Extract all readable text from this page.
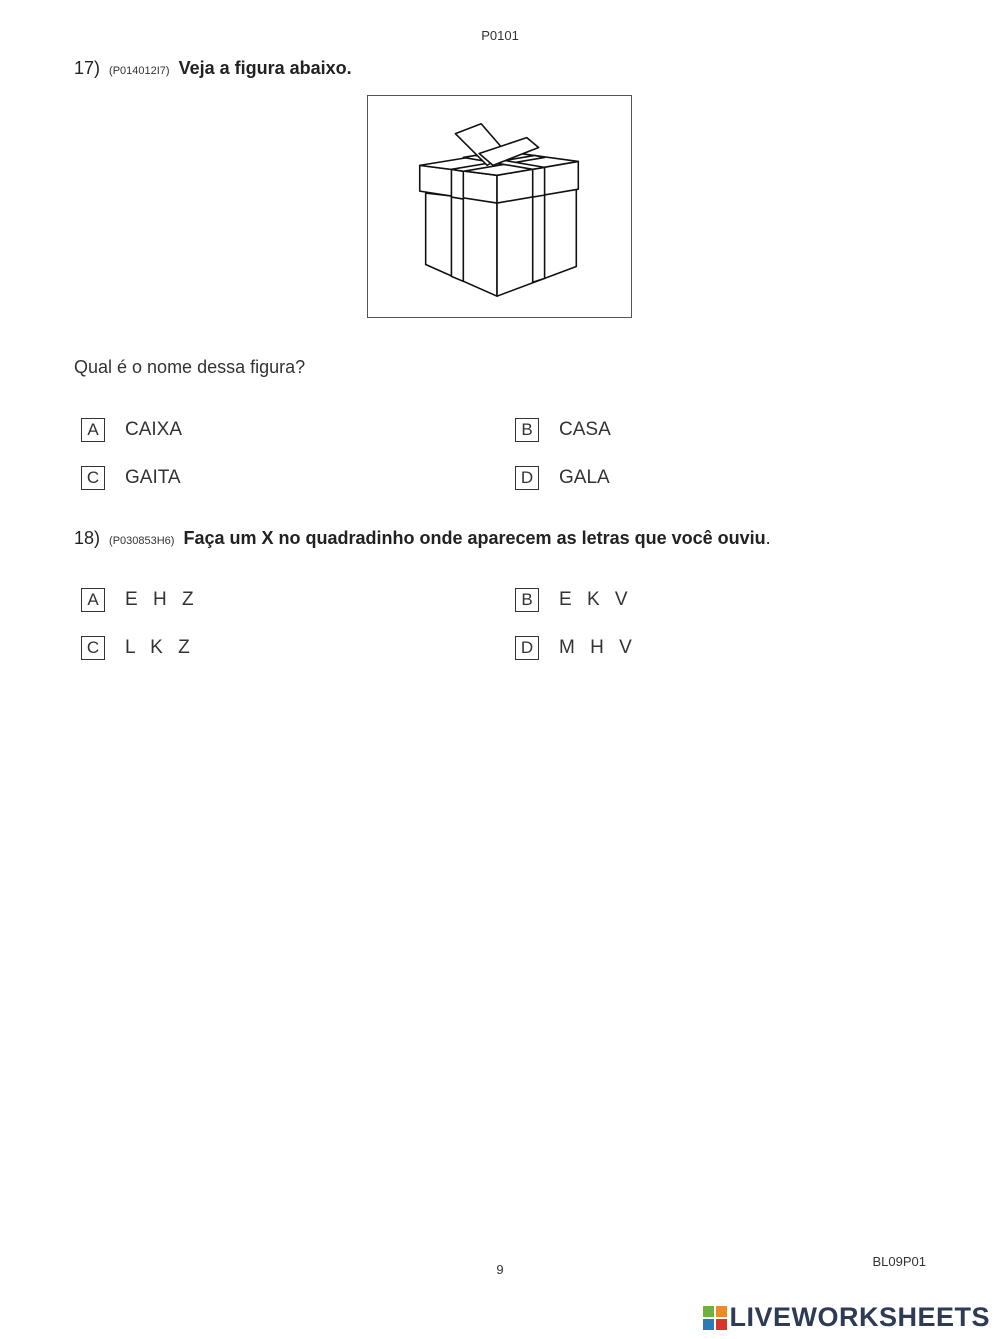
P0101
17) (P014012I7) Veja a figura abaixo.
Qual é o nome dessa figura?
A	CAIXA	B	CASA
C	GAITA	D	GALA
18) (P030853H6) Faça um X no quadradinho onde aparecem as letras que você ouviu.
A	E H Z	B	E K V
C	L K Z	D	M H V
9
BL09P01
LIVEWORKSHEETS
